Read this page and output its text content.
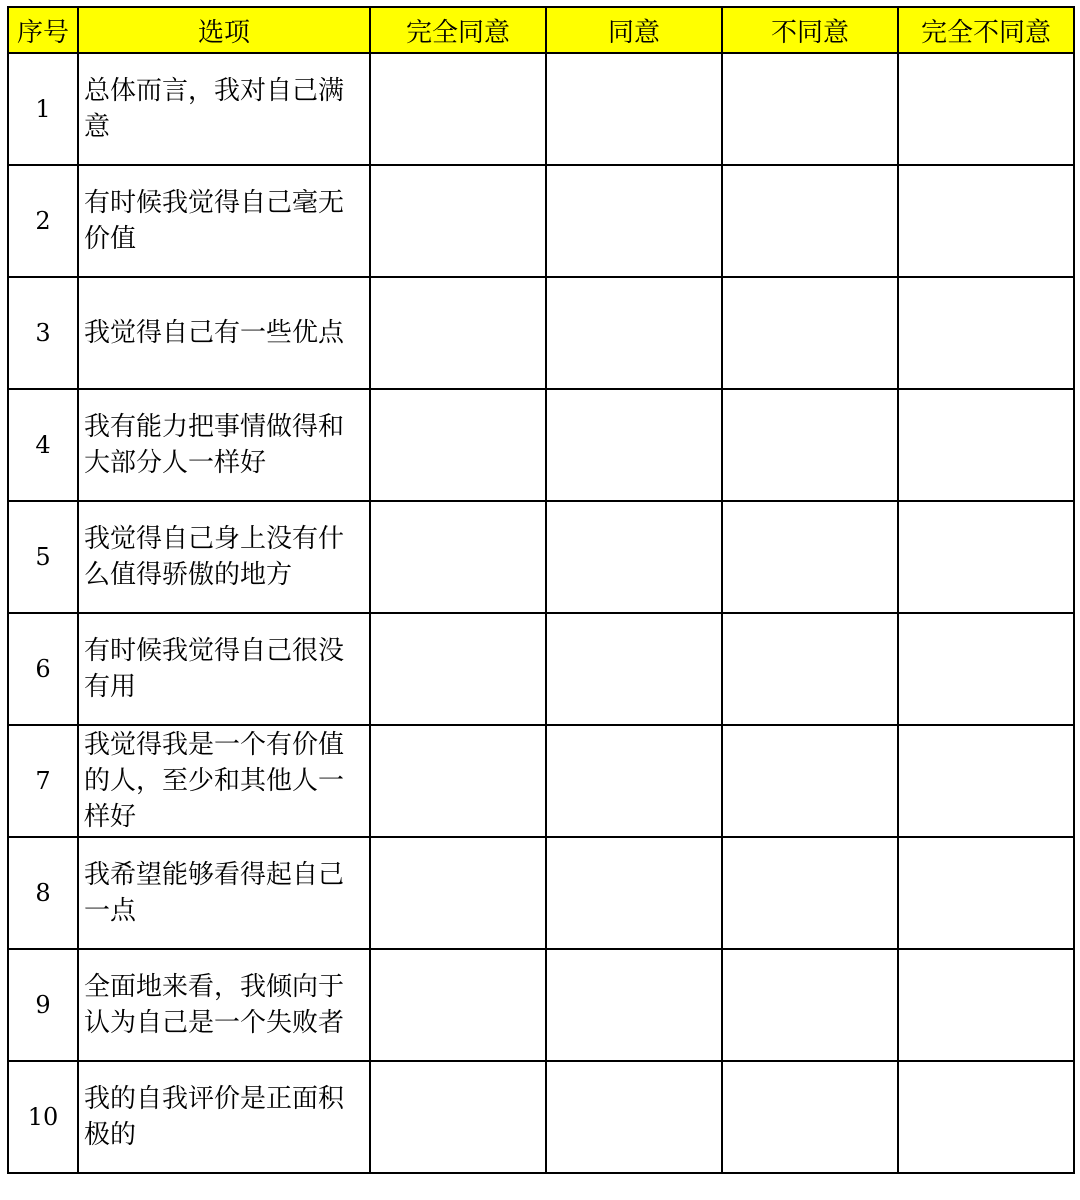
序号	选项	完全同意	同意	不同意	完全不同意
1	总体而言，我对自己满意				
2	有时候我觉得自己毫无价值				
3	我觉得自己有一些优点				
4	我有能力把事情做得和大部分人一样好				
5	我觉得自己身上没有什么值得骄傲的地方				
6	有时候我觉得自己很没有用				
7	我觉得我是一个有价值的人，至少和其他人一样好				
8	我希望能够看得起自己一点				
9	全面地来看，我倾向于认为自己是一个失败者				
10	我的自我评价是正面积极的				
